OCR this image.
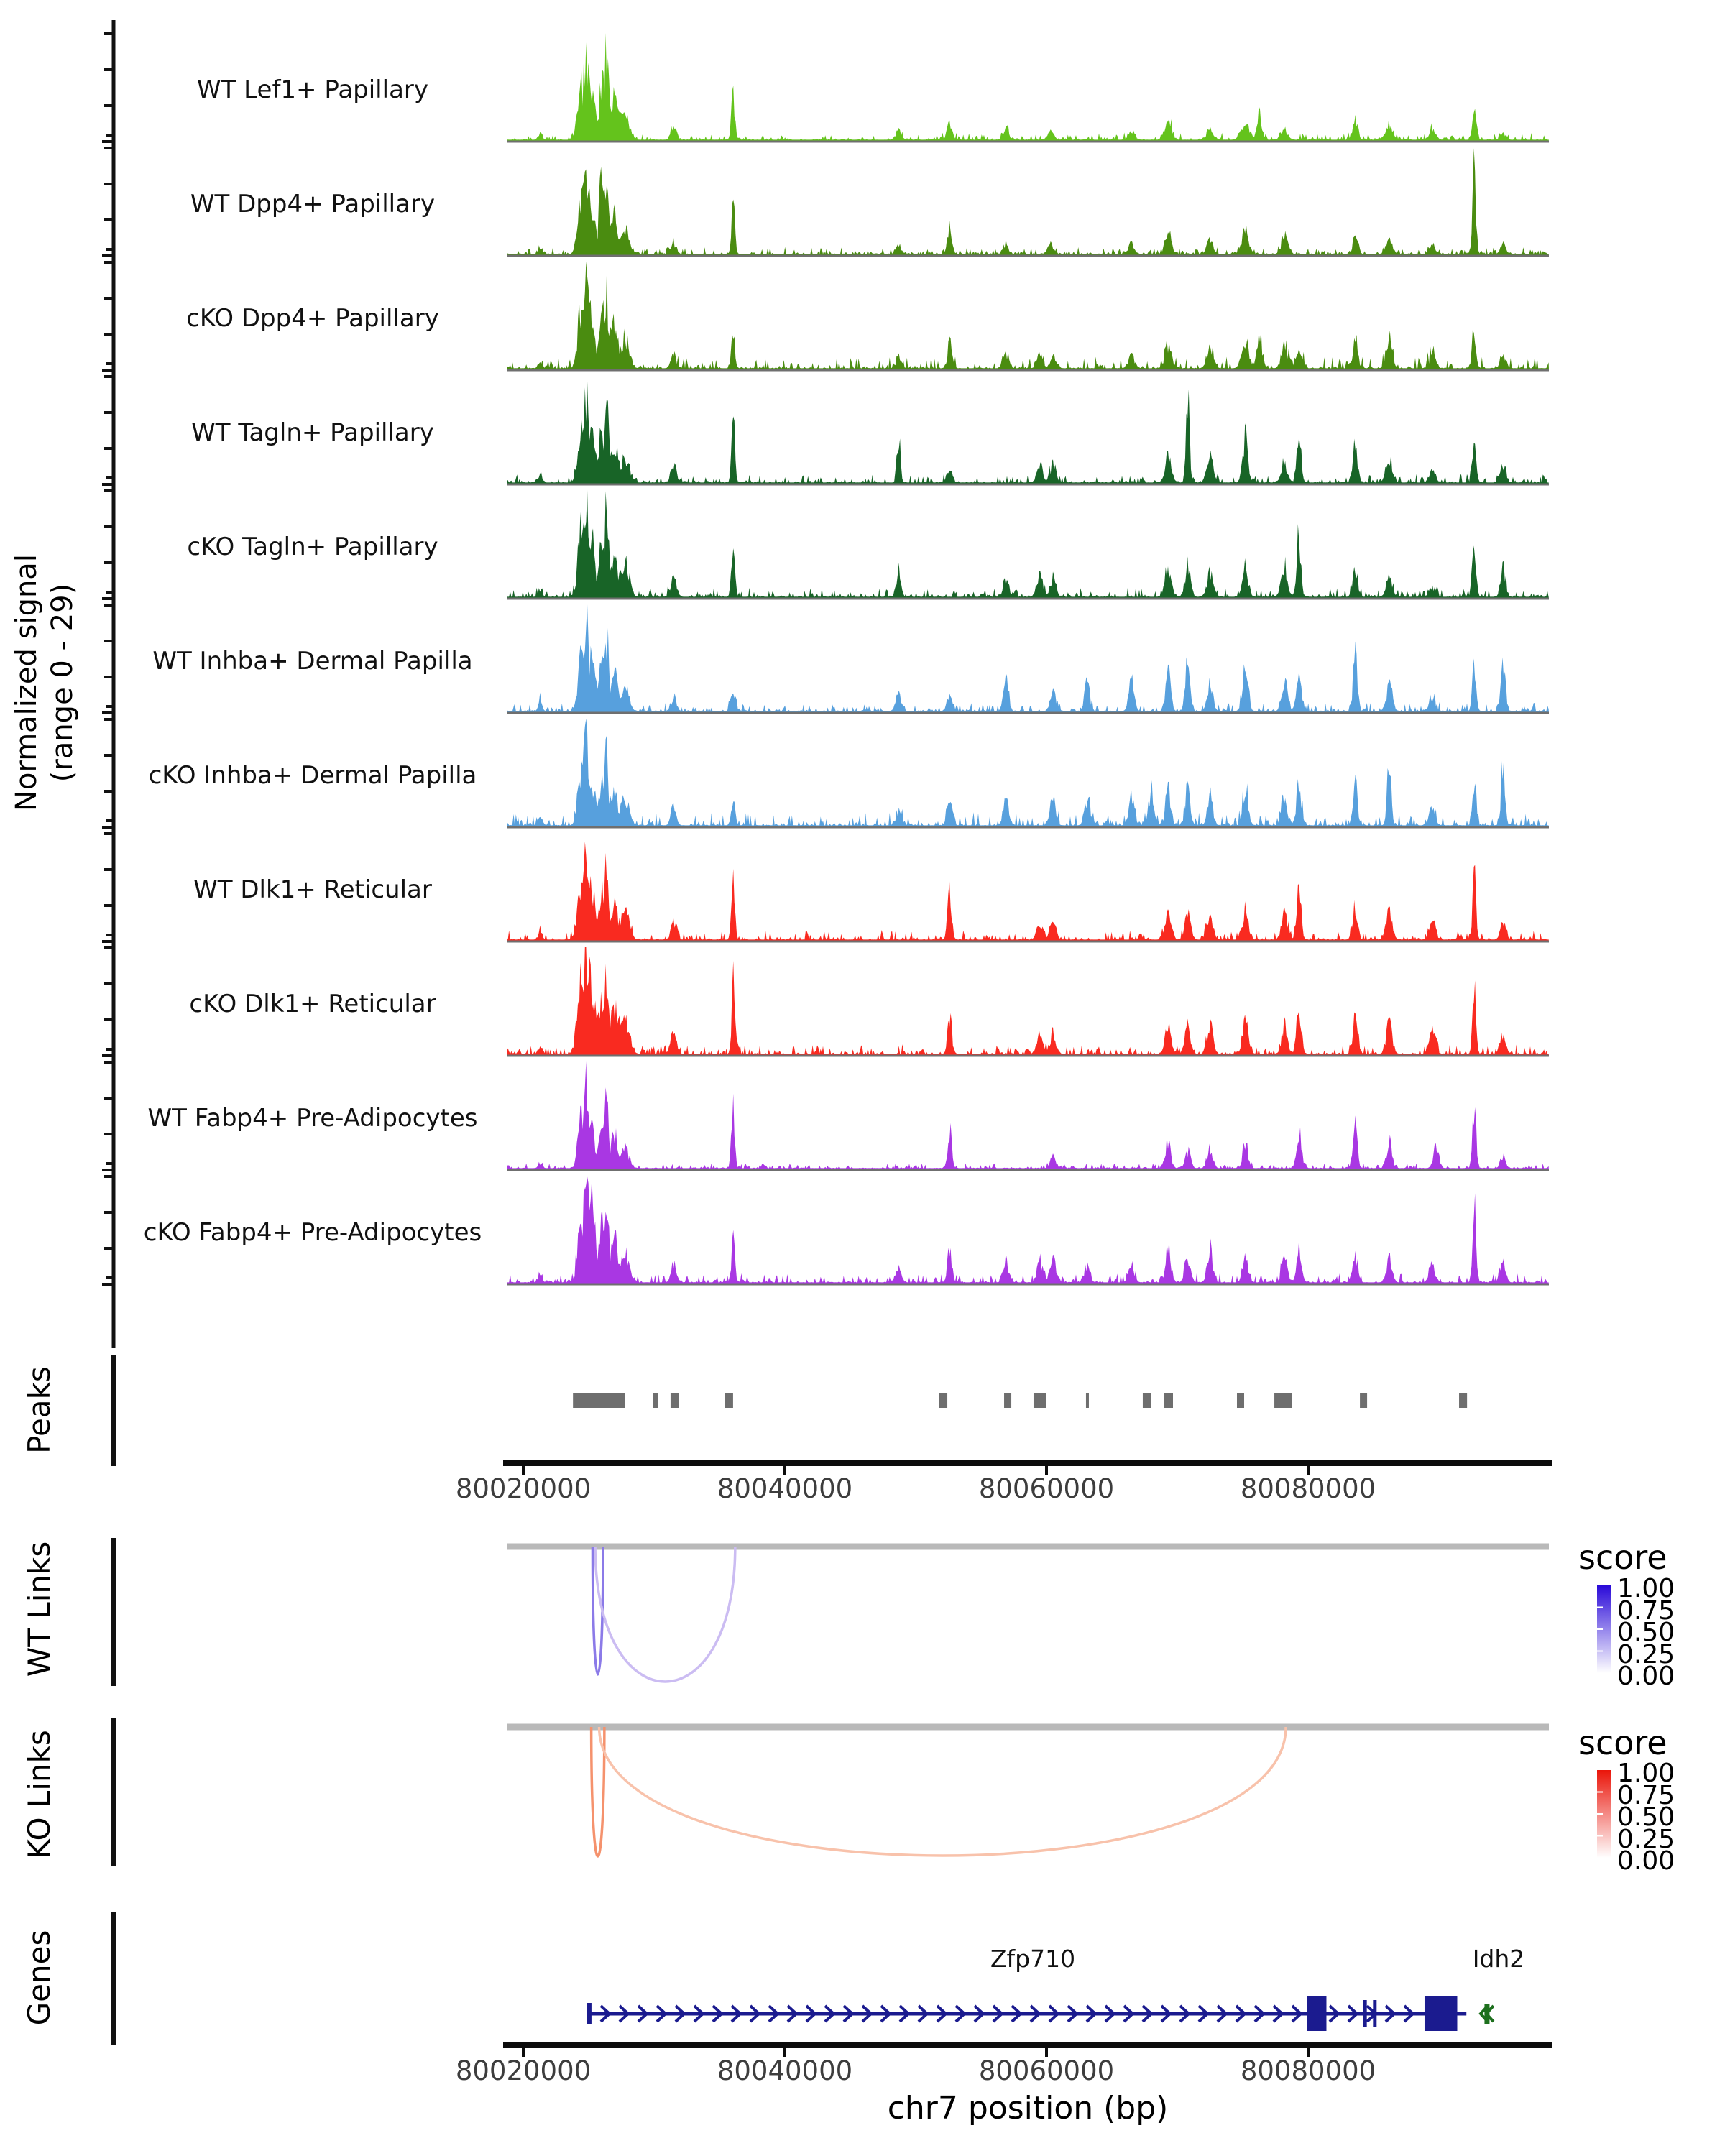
Normalized signal (range 0 - 29)
Peaks
WT Links
KO Links
Genes
WT Lef1+ Papillary
WT Dpp4+ Papillary
cKO Dpp4+ Papillary
WT Tagln+ Papillary
cKO Tagln+ Papillary
WT Inhba+ Dermal Papilla
cKO Inhba+ Dermal Papilla
WT Dlk1+ Reticular
cKO Dlk1+ Reticular
WT Fabp4+ Pre-Adipocytes
cKO Fabp4+ Pre-Adipocytes
80020000	80040000	80060000	80080000
80020000	80040000	80060000	80080000
chr7 position (bp)
score
1.00
0.75
0.50
0.25
0.00
score
1.00
0.75
0.50
0.25
0.00
Zfp710	Idh2
